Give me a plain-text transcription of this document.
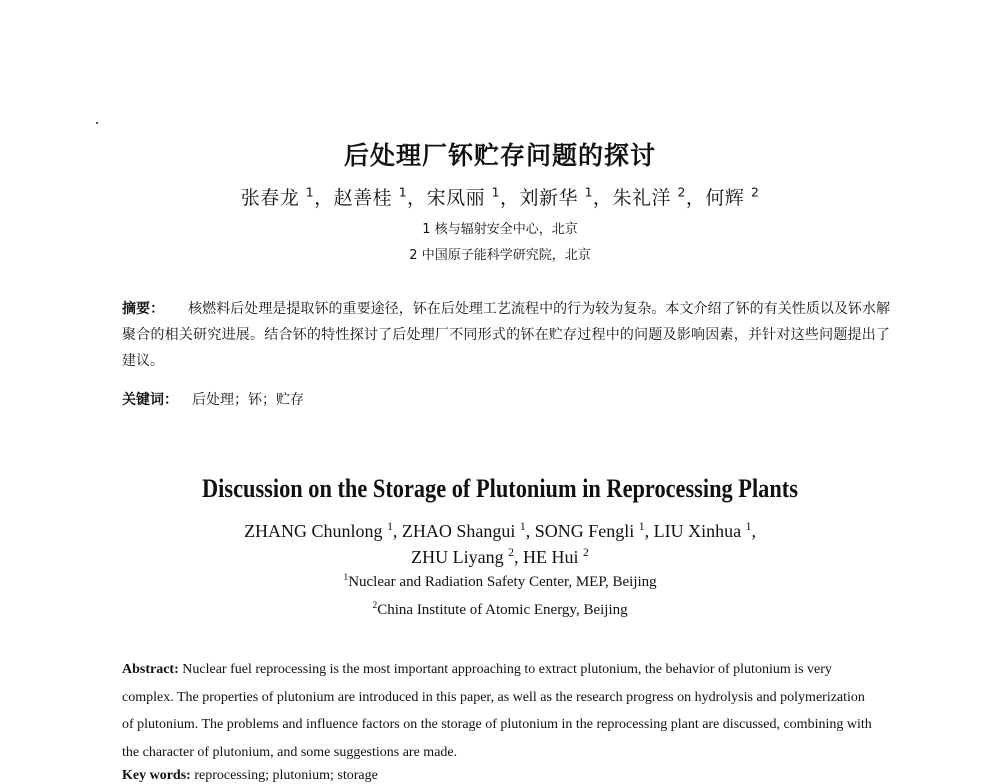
后处理厂钚贮存问题的探讨
张春龙 $^1$，赵善桂 $^1$，宋凤丽 $^1$，刘新华 $^1$，朱礼洋 $^2$，何辉 $^2$
1 核与辐射安全中心，北京
2 中国原子能科学研究院，北京
摘要： 核燃料后处理是提取钚的重要途径，钚在后处理工艺流程中的行为较为复杂。本文介绍了钚的有关性质以及钚水解聚合的相关研究进展。结合钚的特性探讨了后处理厂不同形式的钚在贮存过程中的问题及影响因素，并针对这些问题提出了建议。
关键词： 后处理；钚；贮存
Discussion on the Storage of Plutonium in Reprocessing Plants
ZHANG Chunlong $^1$, ZHAO Shangui $^1$, SONG Fengli $^1$, LIU Xinhua $^1$,
ZHU Liyang $^2$, HE Hui $^2$
$^1$Nuclear and Radiation Safety Center, MEP, Beijing
$^2$China Institute of Atomic Energy, Beijing
Abstract: Nuclear fuel reprocessing is the most important approaching to extract plutonium, the behavior of plutonium is very complex. The properties of plutonium are introduced in this paper, as well as the research progress on hydrolysis and polymerization of plutonium. The problems and influence factors on the storage of plutonium in the reprocessing plant are discussed, combining with the character of plutonium, and some suggestions are made.
Key words: reprocessing; plutonium; storage
